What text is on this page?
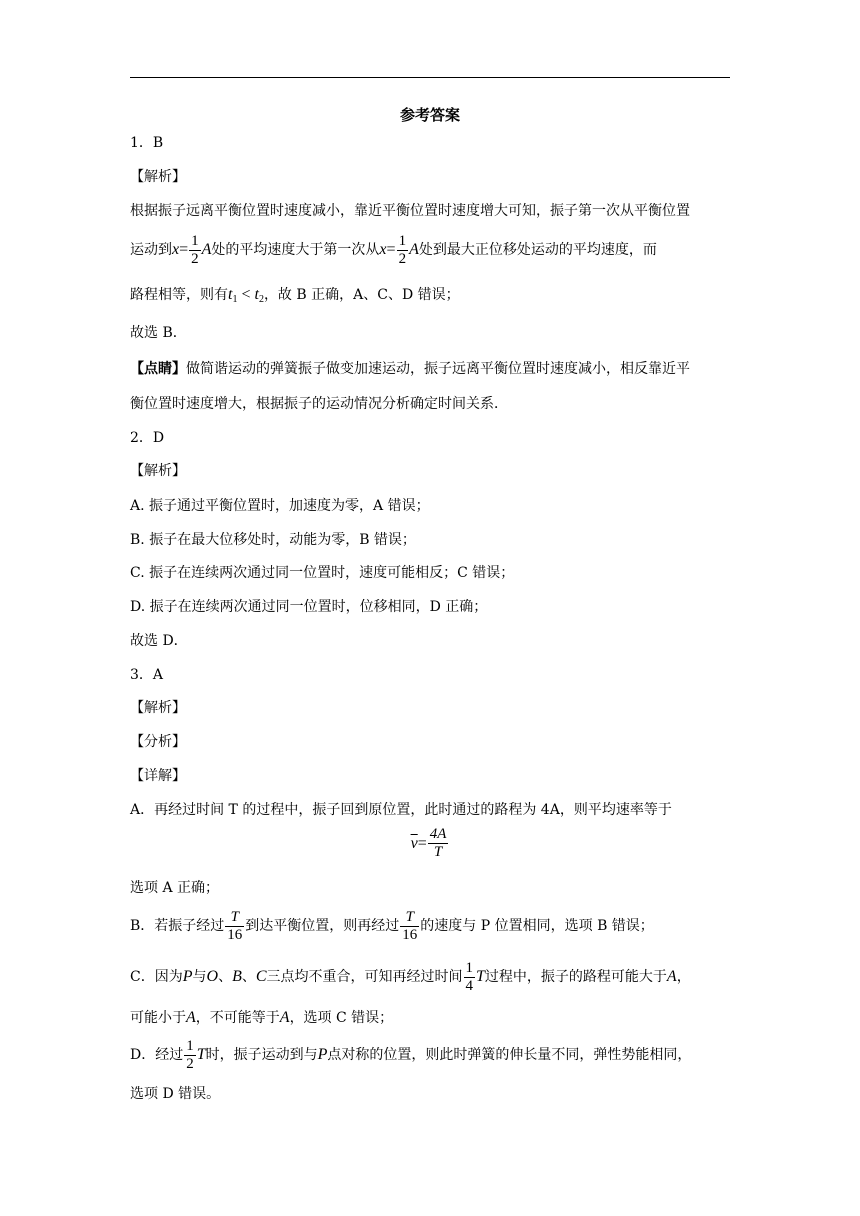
参考答案
1．B
【解析】
根据振子远离平衡位置时速度减小，靠近平衡位置时速度增大可知，振子第一次从平衡位置
运动到$x= \frac{1}{2}$ A处的平均速度大于第一次从$x= \frac{1}{2}$ A处到最大正位移处运动的平均速度，而
路程相等，则有$t_1 < t_2$，故 B 正确，A、C、D 错误；
故选 B．
【点睛】做简谐运动的弹簧振子做变加速运动，振子远离平衡位置时速度减小，相反靠近平
衡位置时速度增大，根据振子的运动情况分析确定时间关系．
2．D
【解析】
A. 振子通过平衡位置时，加速度为零，A 错误；
B. 振子在最大位移处时，动能为零，B 错误；
C. 振子在连续两次通过同一位置时，速度可能相反；C 错误；
D. 振子在连续两次通过同一位置时，位移相同，D 正确；
故选 D．
3．A
【解析】
【分析】
【详解】
A．再经过时间 T 的过程中，振子回到原位置，此时通过的路程为 4A，则平均速率等于
$\overline{v}= \frac{4A}{T}$
选项 A 正确；
B．若振子经过 $\frac{T}{16}$ 到达平衡位置，则再经过 $\frac{T}{16}$ 的速度与 P 位置相同，选项 B 错误；
C．因为P与O、B、C三点均不重合，可知再经过时间 $\frac{1}{4}$ T过程中，振子的路程可能大于A，
可能小于A，不可能等于A，选项 C 错误；
D．经过 $\frac{1}{2}$ T时，振子运动到与P点对称的位置，则此时弹簧的伸长量不同，弹性势能相同，
选项 D 错误。
